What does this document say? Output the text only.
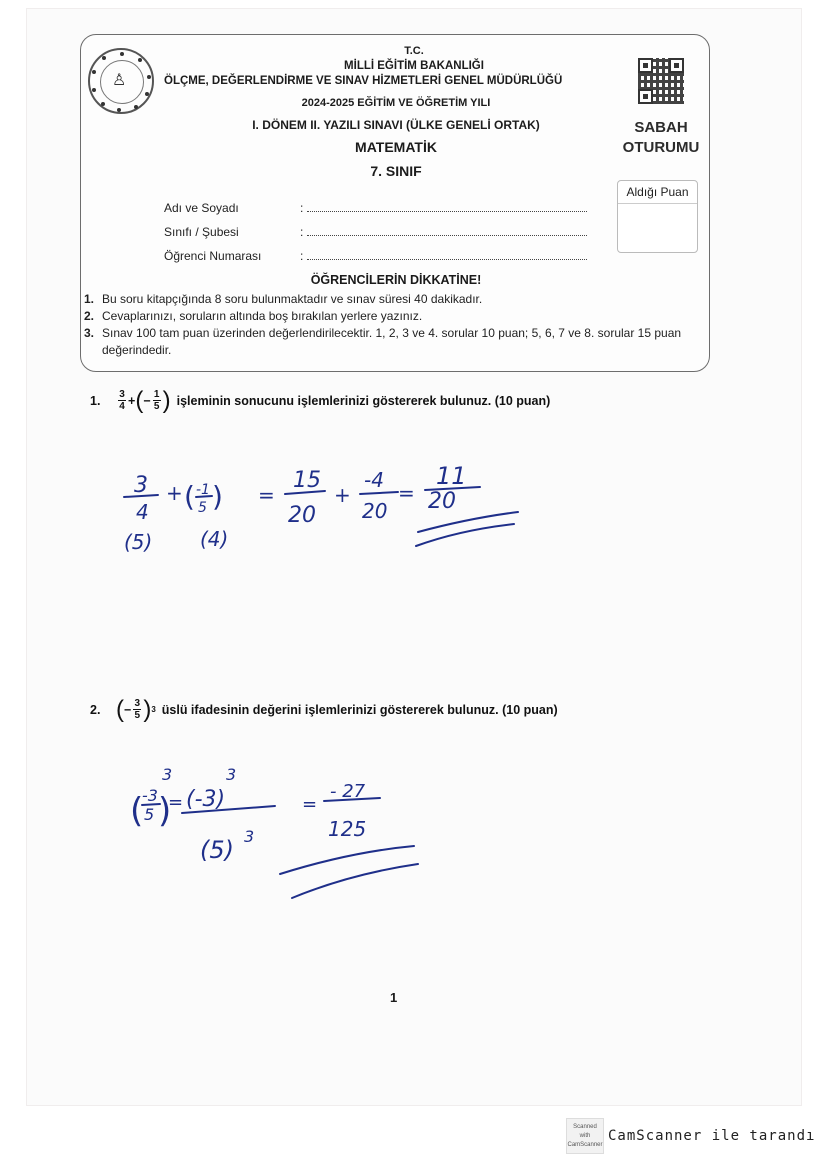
♙
T.C.
MİLLİ EĞİTİM BAKANLIĞI
ÖLÇME, DEĞERLENDİRME VE SINAV HİZMETLERİ GENEL MÜDÜRLÜĞÜ
2024-2025 EĞİTİM VE ÖĞRETİM YILI
I. DÖNEM II. YAZILI SINAVI (ÜLKE GENELİ ORTAK)
MATEMATİK
7. SINIF
SABAH
OTURUMU
Aldığı Puan
Adı ve Soyadı	:
Sınıfı / Şubesi	:
Öğrenci Numarası	:
ÖĞRENCİLERİN DİKKATİNE!
1. Bu soru kitapçığında 8 soru bulunmaktadır ve sınav süresi 40 dakikadır.
2. Cevaplarınızı, soruların altında boş bırakılan yerlere yazınız.
3. Sınav 100 tam puan üzerinden değerlendirilecektir. 1, 2, 3 ve 4. sorular 10 puan; 5, 6, 7 ve 8. sorular 15 puan değerindedir.
1.	$\frac{3}{4}$ + ( − $\frac{1}{5}$ ) işleminin sonucunu işlemlerinizi göstererek bulunuz. (10 puan)
3
4
(5)
+ ( -1
5 )
(4)
=
15
20
+
-4
20
=
11
20
2. ( − $\frac{3}{5}$ ) 3 üslü ifadesinin değerini işlemlerinizi göstererek bulunuz. (10 puan)
(
-3
5 )
3
= (-3)
3
(5) 3
=
- 27
125
1
Scanned with
CamScanner
CamScanner ile tarandı
